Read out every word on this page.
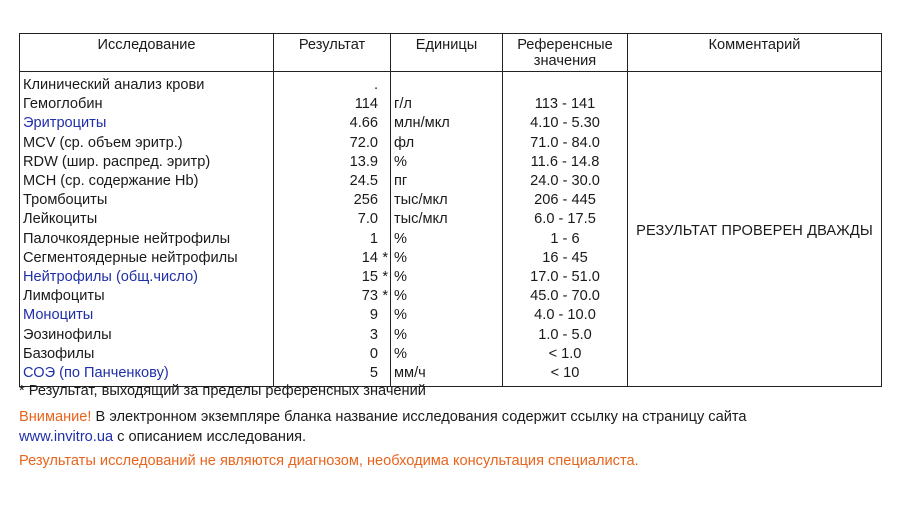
Исследование	Результат	Единицы	Референсные значения	Комментарий
Клинический анализ крови	.			РЕЗУЛЬТАТ ПРОВЕРЕН ДВАЖДЫ
Гемоглобин	114	г/л	113 - 141	
Эритроциты	4.66	млн/мкл	4.10 - 5.30	
MCV (ср. объем эритр.)	72.0	фл	71.0 - 84.0	
RDW (шир. распред. эритр)	13.9	%	11.6 - 14.8	
MCH (ср. содержание Hb)	24.5	пг	24.0 - 30.0	
Тромбоциты	256	тыс/мкл	206 - 445	
Лейкоциты	7.0	тыс/мкл	6.0 - 17.5	
Палочкоядерные нейтрофилы	1	%	1 - 6	
Сегментоядерные нейтрофилы	14 *	%	16 - 45	
Нейтрофилы (общ.число)	15 *	%	17.0 - 51.0	
Лимфоциты	73 *	%	45.0 - 70.0	
Моноциты	9	%	4.0 - 10.0	
Эозинофилы	3	%	1.0 - 5.0	
Базофилы	0	%	< 1.0	
СОЭ (по Панченкову)	5	мм/ч	< 10	
* Результат, выходящий за пределы референсных значений
Внимание! В электронном экземпляре бланка название исследования содержит ссылку на страницу сайта
www.invitro.ua с описанием исследования.
Результаты исследований не являются диагнозом, необходима консультация специалиста.
